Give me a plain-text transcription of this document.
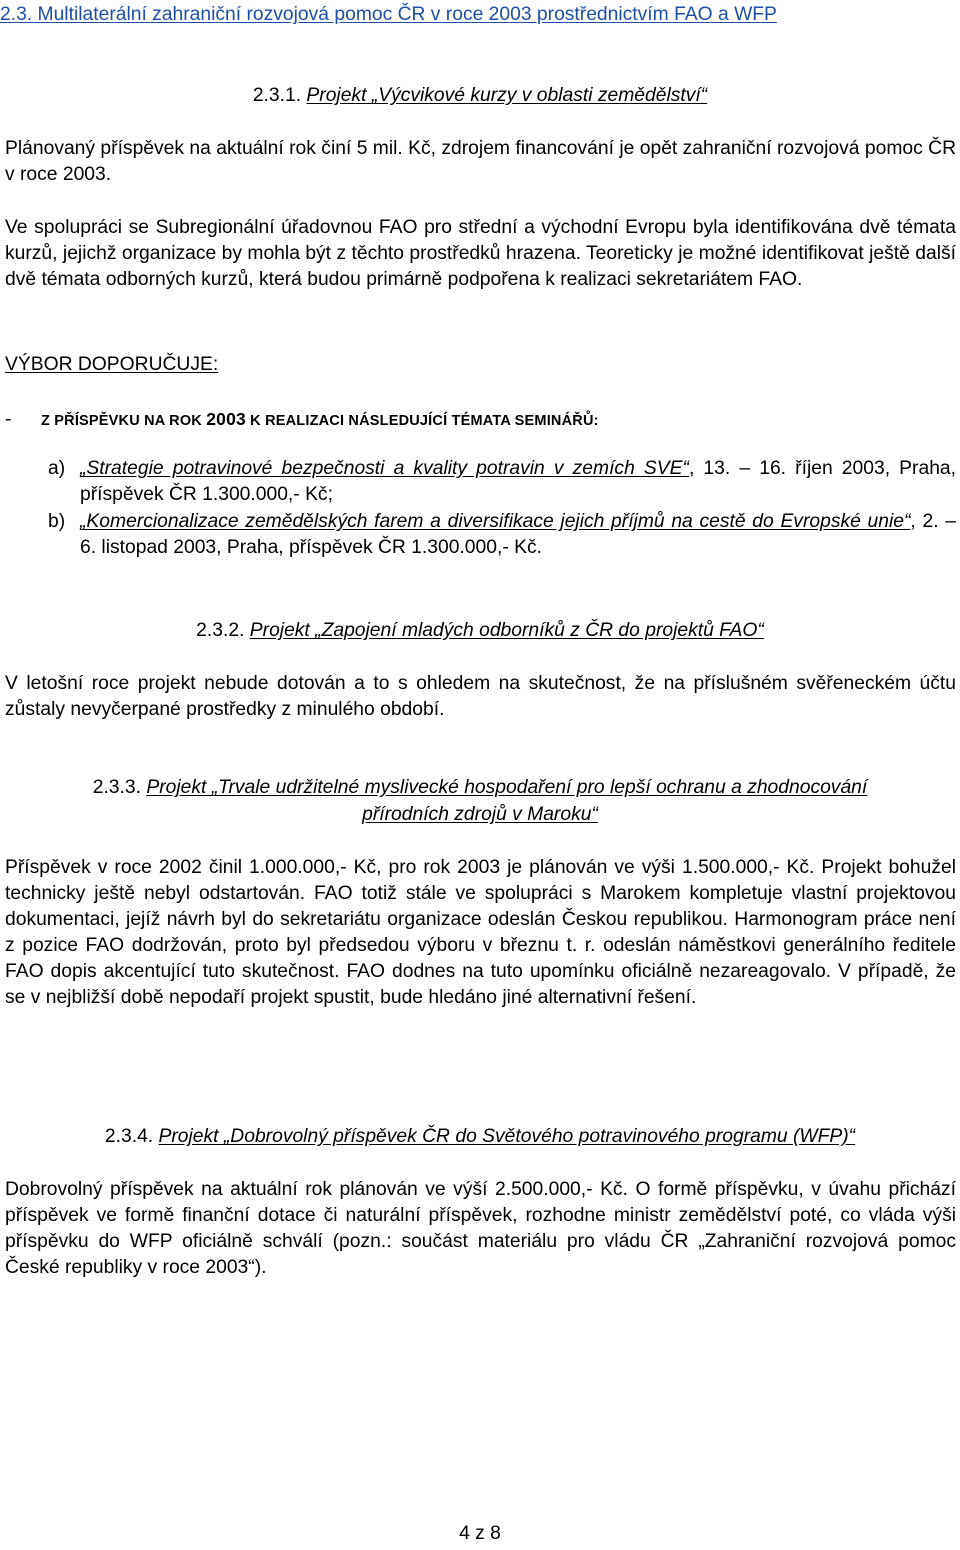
2.3. Multilaterální zahraniční rozvojová pomoc ČR v roce 2003 prostřednictvím FAO a WFP
2.3.1. Projekt „Výcvikové kurzy v oblasti zemědělství“

Plánovaný příspěvek na aktuální rok činí 5 mil. Kč, zdrojem financování je opět zahraniční rozvojová pomoc ČR v roce 2003.

Ve spolupráci se Subregionální úřadovnou FAO pro střední a východní Evropu byla identifikována dvě témata kurzů, jejichž organizace by mohla být z těchto prostředků hrazena. Teoreticky je možné identifikovat ještě další dvě témata odborných kurzů, která budou primárně podpořena k realizaci sekretariátem FAO.

VÝBOR DOPORUČUJE:
- Z PŘÍSPĚVKU NA ROK 2003 K REALIZACI NÁSLEDUJÍCÍ TÉMATA SEMINÁŘŮ:
a) „Strategie potravinové bezpečnosti a kvality potravin v zemích SVE“, 13. – 16. říjen 2003, Praha, příspěvek ČR 1.300.000,- Kč;
b) „Komercionalizace zemědělských farem a diversifikace jejich příjmů na cestě do Evropské unie“, 2. – 6. listopad 2003, Praha, příspěvek ČR 1.300.000,- Kč.
2.3.2. Projekt „Zapojení mladých odborníků z ČR do projektů FAO“

V letošní roce projekt nebude dotován a to s ohledem na skutečnost, že na příslušném svěřeneckém účtu zůstaly nevyčerpané prostředky z minulého období.

2.3.3. Projekt „Trvale udržitelné myslivecké hospodaření pro lepší ochranu a zhodnocování
přírodních zdrojů v Maroku“

Příspěvek v roce 2002 činil 1.000.000,- Kč, pro rok 2003 je plánován ve výši 1.500.000,- Kč. Projekt bohužel technicky ještě nebyl odstartován. FAO totiž stále ve spolupráci s Marokem kompletuje vlastní projektovou dokumentaci, jejíž návrh byl do sekretariátu organizace odeslán Českou republikou. Harmonogram práce není z pozice FAO dodržován, proto byl předsedou výboru v březnu t. r. odeslán náměstkovi generálního ředitele FAO dopis akcentující tuto skutečnost. FAO dodnes na tuto upomínku oficiálně nezareagovalo. V případě, že se v nejbližší době nepodaří projekt spustit, bude hledáno jiné alternativní řešení.

2.3.4. Projekt „Dobrovolný příspěvek ČR do Světového potravinového programu (WFP)“

Dobrovolný příspěvek na aktuální rok plánován ve výší 2.500.000,- Kč. O formě příspěvku, v úvahu přichází příspěvek ve formě finanční dotace či naturální příspěvek, rozhodne ministr zemědělství poté, co vláda výši příspěvku do WFP oficiálně schválí (pozn.: součást materiálu pro vládu ČR „Zahraniční rozvojová pomoc České republiky v roce 2003“).

4 z 8
